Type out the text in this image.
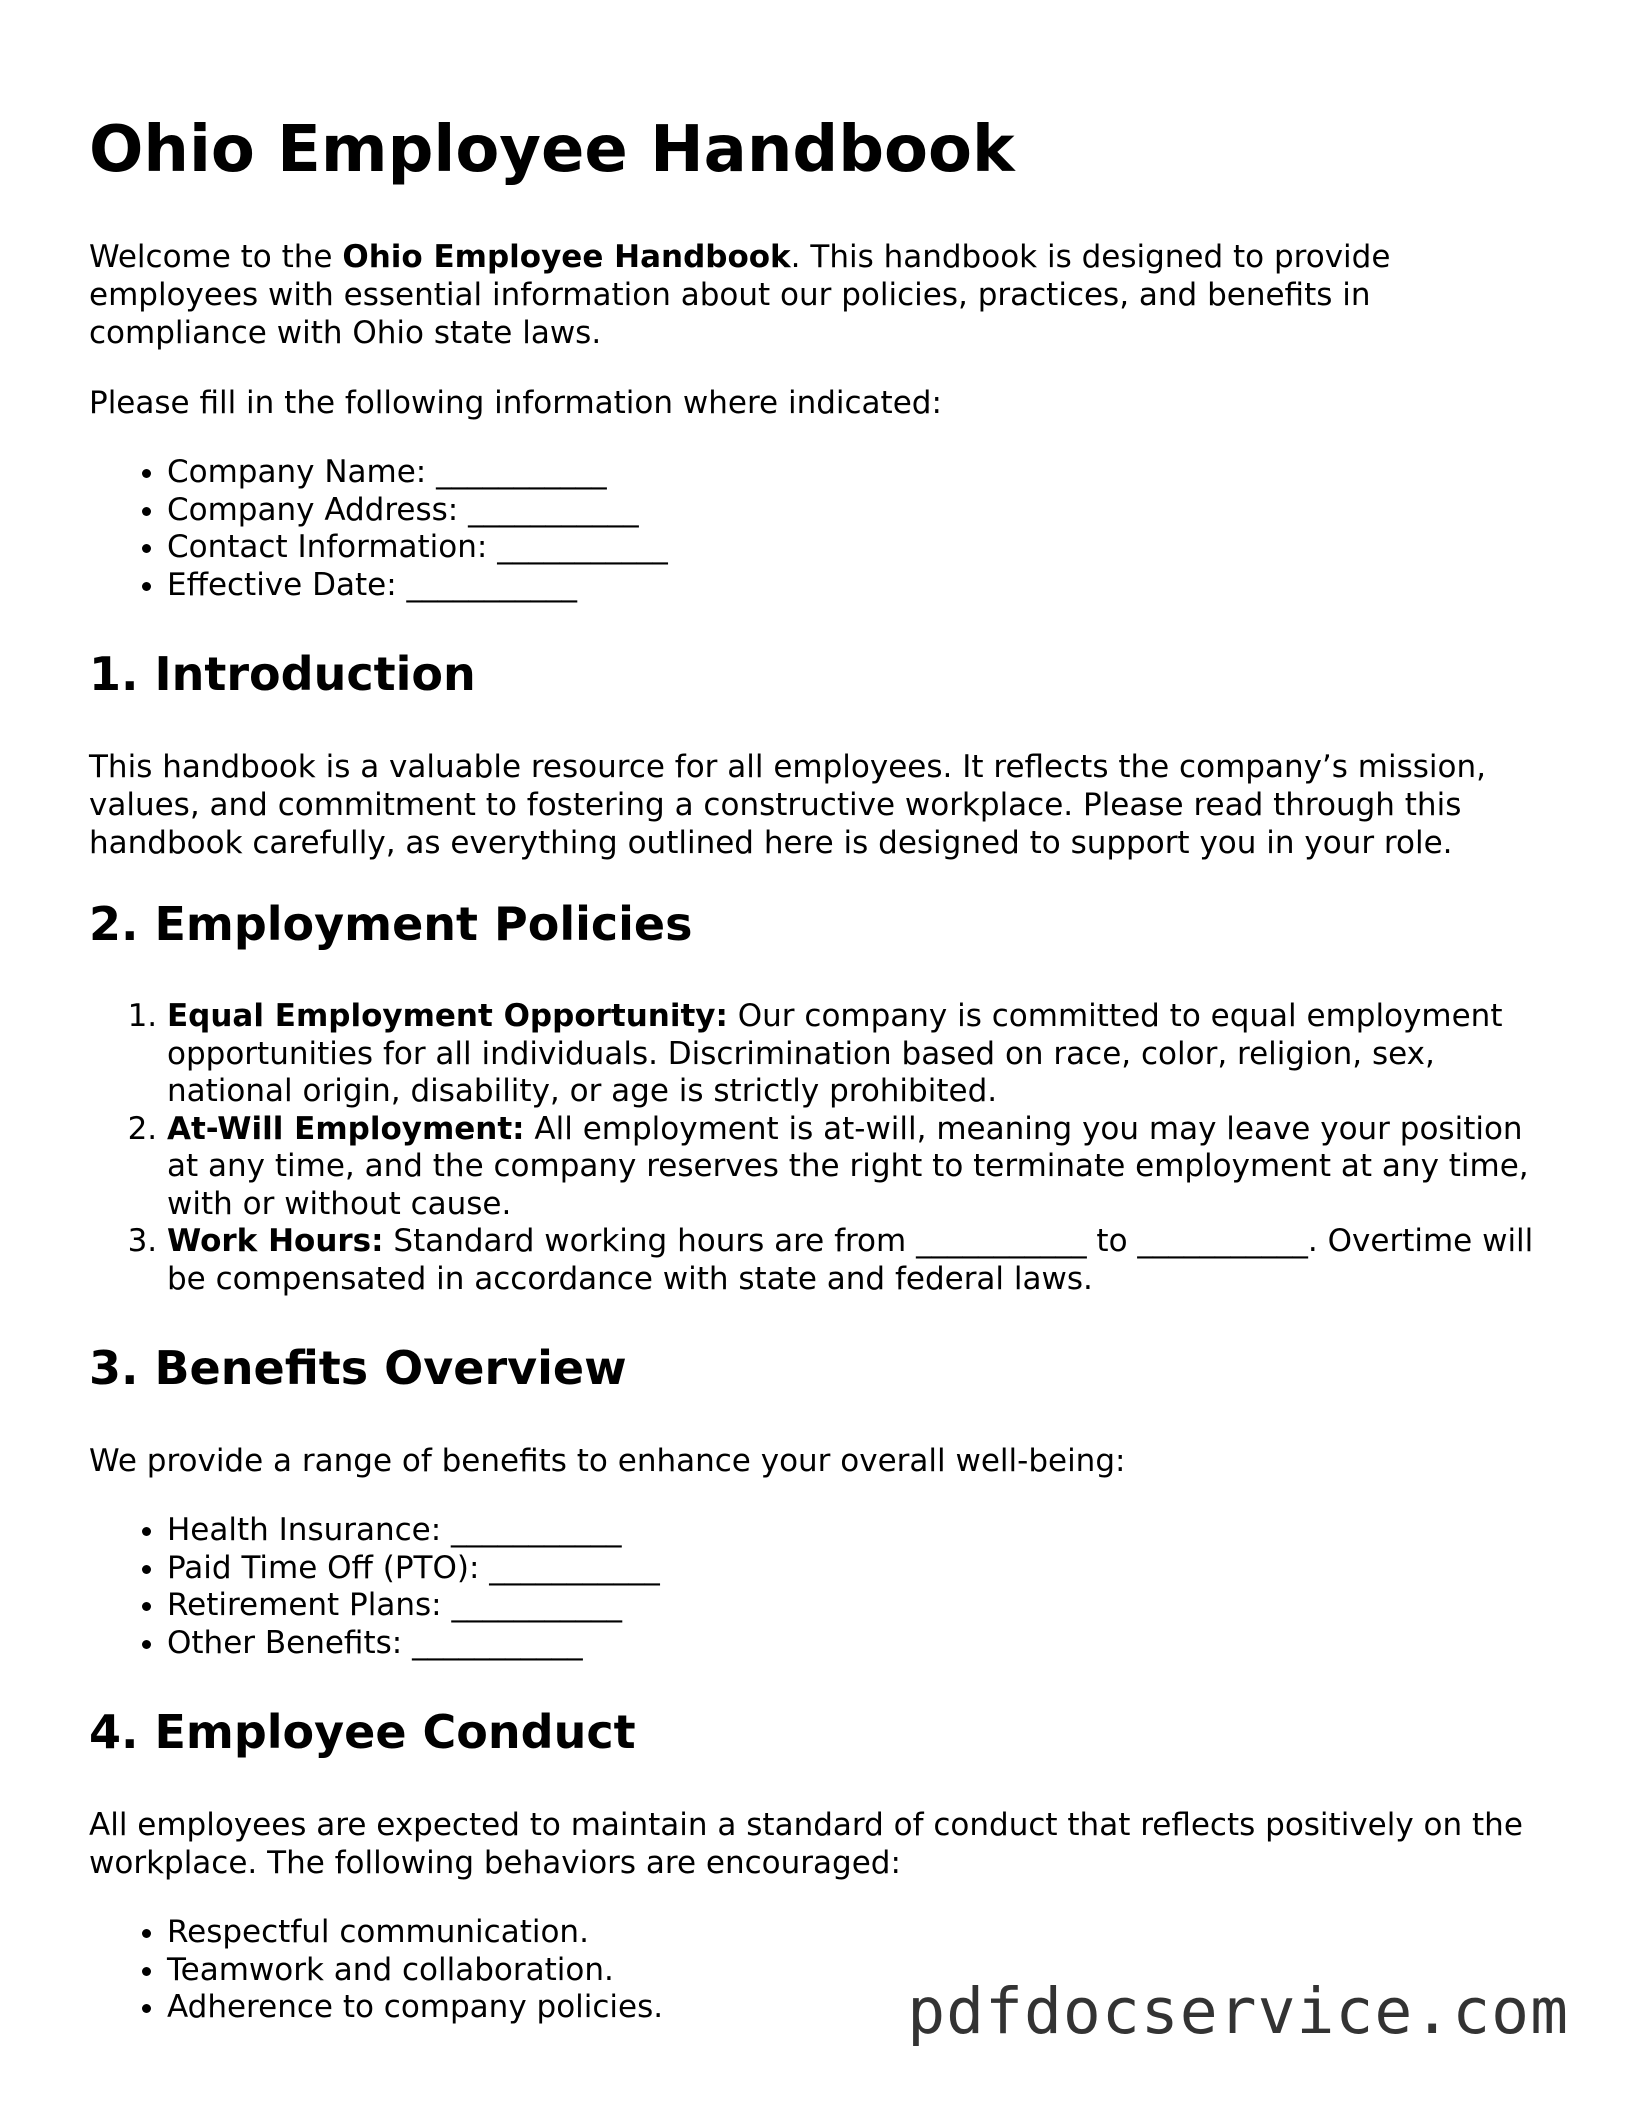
Ohio Employee Handbook

Welcome to the Ohio Employee Handbook. This handbook is designed to provide employees with essential information about our policies, practices, and benefits in compliance with Ohio state laws.

Please fill in the following information where indicated:

• Company Name: ___________
• Company Address: ___________
• Contact Information: ___________
• Effective Date: ___________
1. Introduction

This handbook is a valuable resource for all employees. It reflects the company’s mission, values, and commitment to fostering a constructive workplace. Please read through this handbook carefully, as everything outlined here is designed to support you in your role.

2. Employment Policies
1. Equal Employment Opportunity: Our company is committed to equal employment opportunities for all individuals. Discrimination based on race, color, religion, sex, national origin, disability, or age is strictly prohibited.
2. At-Will Employment: All employment is at-will, meaning you may leave your position at any time, and the company reserves the right to terminate employment at any time, with or without cause.
3. Work Hours: Standard working hours are from ___________ to ___________. Overtime will be compensated in accordance with state and federal laws.
3. Benefits Overview

We provide a range of benefits to enhance your overall well-being:

• Health Insurance: ___________
• Paid Time Off (PTO): ___________
• Retirement Plans: ___________
• Other Benefits: ___________
4. Employee Conduct

All employees are expected to maintain a standard of conduct that reflects positively on the workplace. The following behaviors are encouraged:

• Respectful communication.
• Teamwork and collaboration.
• Adherence to company policies.	pdfdocservice.com
